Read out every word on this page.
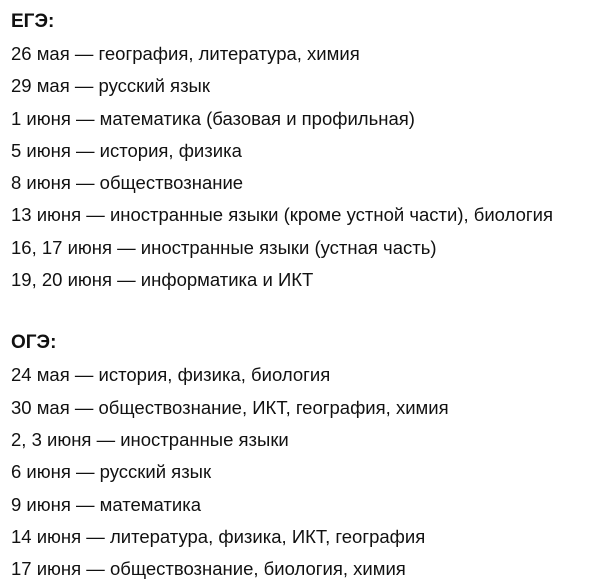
ЕГЭ:
26 мая — география, литература, химия
29 мая — русский язык
1 июня — математика (базовая и профильная)
5 июня — история, физика
8 июня — обществознание
13 июня — иностранные языки (кроме устной части), биология
16, 17 июня — иностранные языки (устная часть)
19, 20 июня — информатика и ИКТ
ОГЭ:
24 мая — история, физика, биология
30 мая — обществознание, ИКТ, география, химия
2, 3 июня — иностранные языки
6 июня — русский язык
9 июня — математика
14 июня — литература, физика, ИКТ, география
17 июня — обществознание, биология, химия
